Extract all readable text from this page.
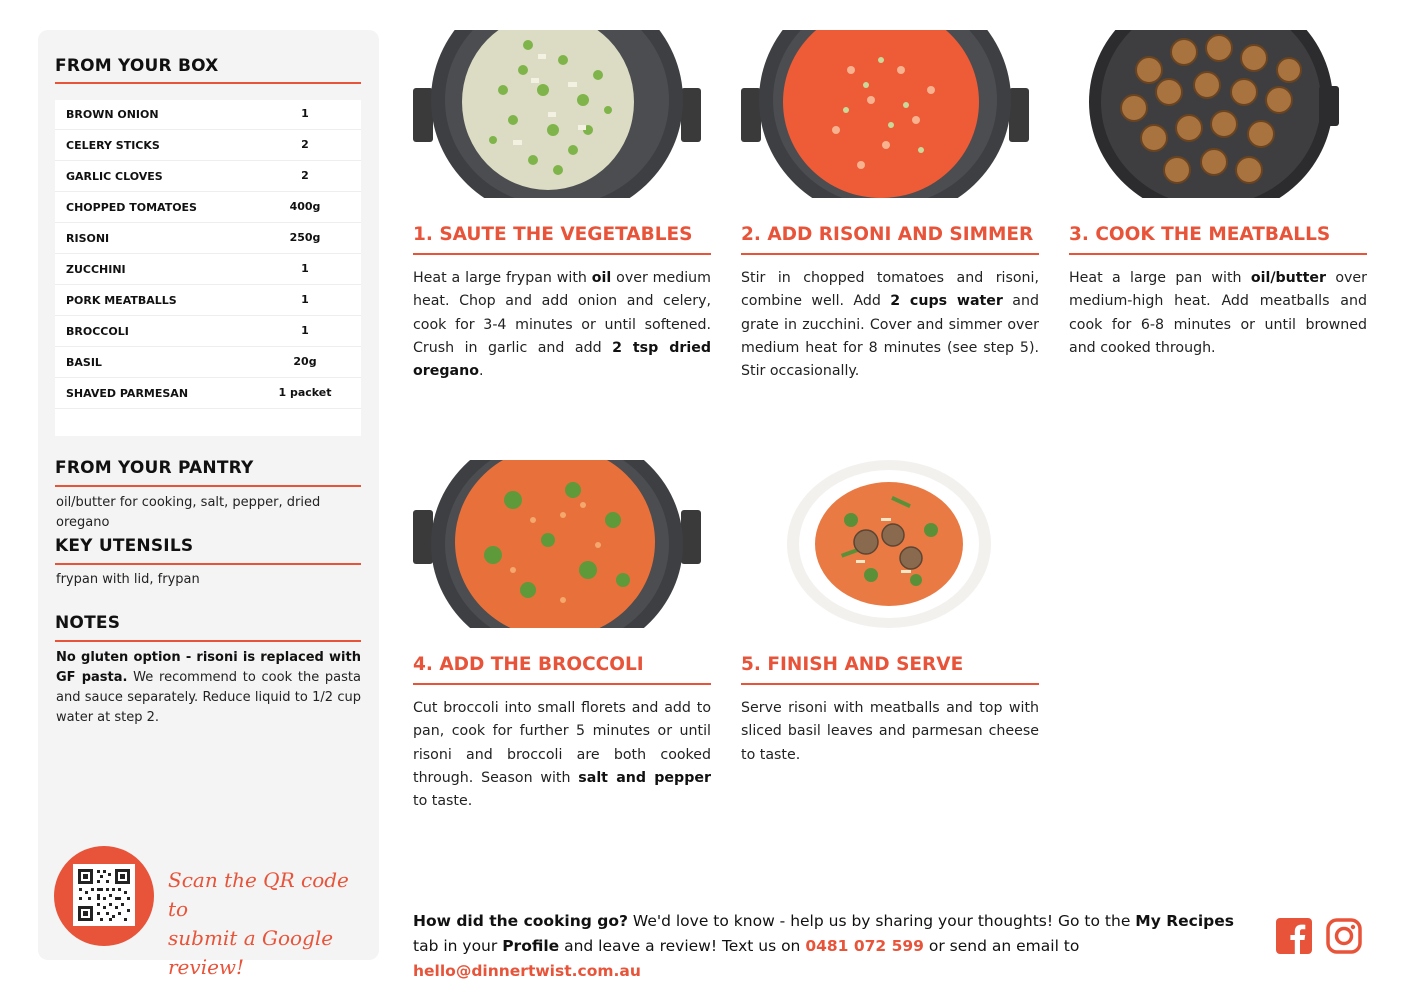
FROM YOUR BOX
BROWN ONION	1
CELERY STICKS	2
GARLIC CLOVES	2
CHOPPED TOMATOES	400g
RISONI	250g
ZUCCHINI	1
PORK MEATBALLS	1
BROCCOLI	1
BASIL	20g
SHAVED PARMESAN	1 packet
FROM YOUR PANTRY
oil/butter for cooking, salt, pepper, dried oregano
KEY UTENSILS
frypan with lid, frypan
NOTES
No gluten option - risoni is replaced with GF pasta. We recommend to cook the pasta and sauce separately. Reduce liquid to 1/2 cup water at step 2.
Scan the QR code to
submit a Google review!
1. SAUTE THE VEGETABLES
Heat a large frypan with oil over medium heat. Chop and add onion and celery, cook for 3-4 minutes or until softened. Crush in garlic and add 2 tsp dried oregano.
2. ADD RISONI AND SIMMER
Stir in chopped tomatoes and risoni, combine well. Add 2 cups water and grate in zucchini. Cover and simmer over medium heat for 8 minutes (see step 5). Stir occasionally.
3. COOK THE MEATBALLS
Heat a large pan with oil/butter over medium-high heat. Add meatballs and cook for 6-8 minutes or until browned and cooked through.
4. ADD THE BROCCOLI
Cut broccoli into small florets and add to pan, cook for further 5 minutes or until risoni and broccoli are both cooked through. Season with salt and pepper to taste.
5. FINISH AND SERVE
Serve risoni with meatballs and top with sliced basil leaves and parmesan cheese to taste.
How did the cooking go? We'd love to know - help us by sharing your thoughts! Go to the My Recipes tab in your Profile and leave a review! Text us on 0481 072 599 or send an email to hello@dinnertwist.com.au
